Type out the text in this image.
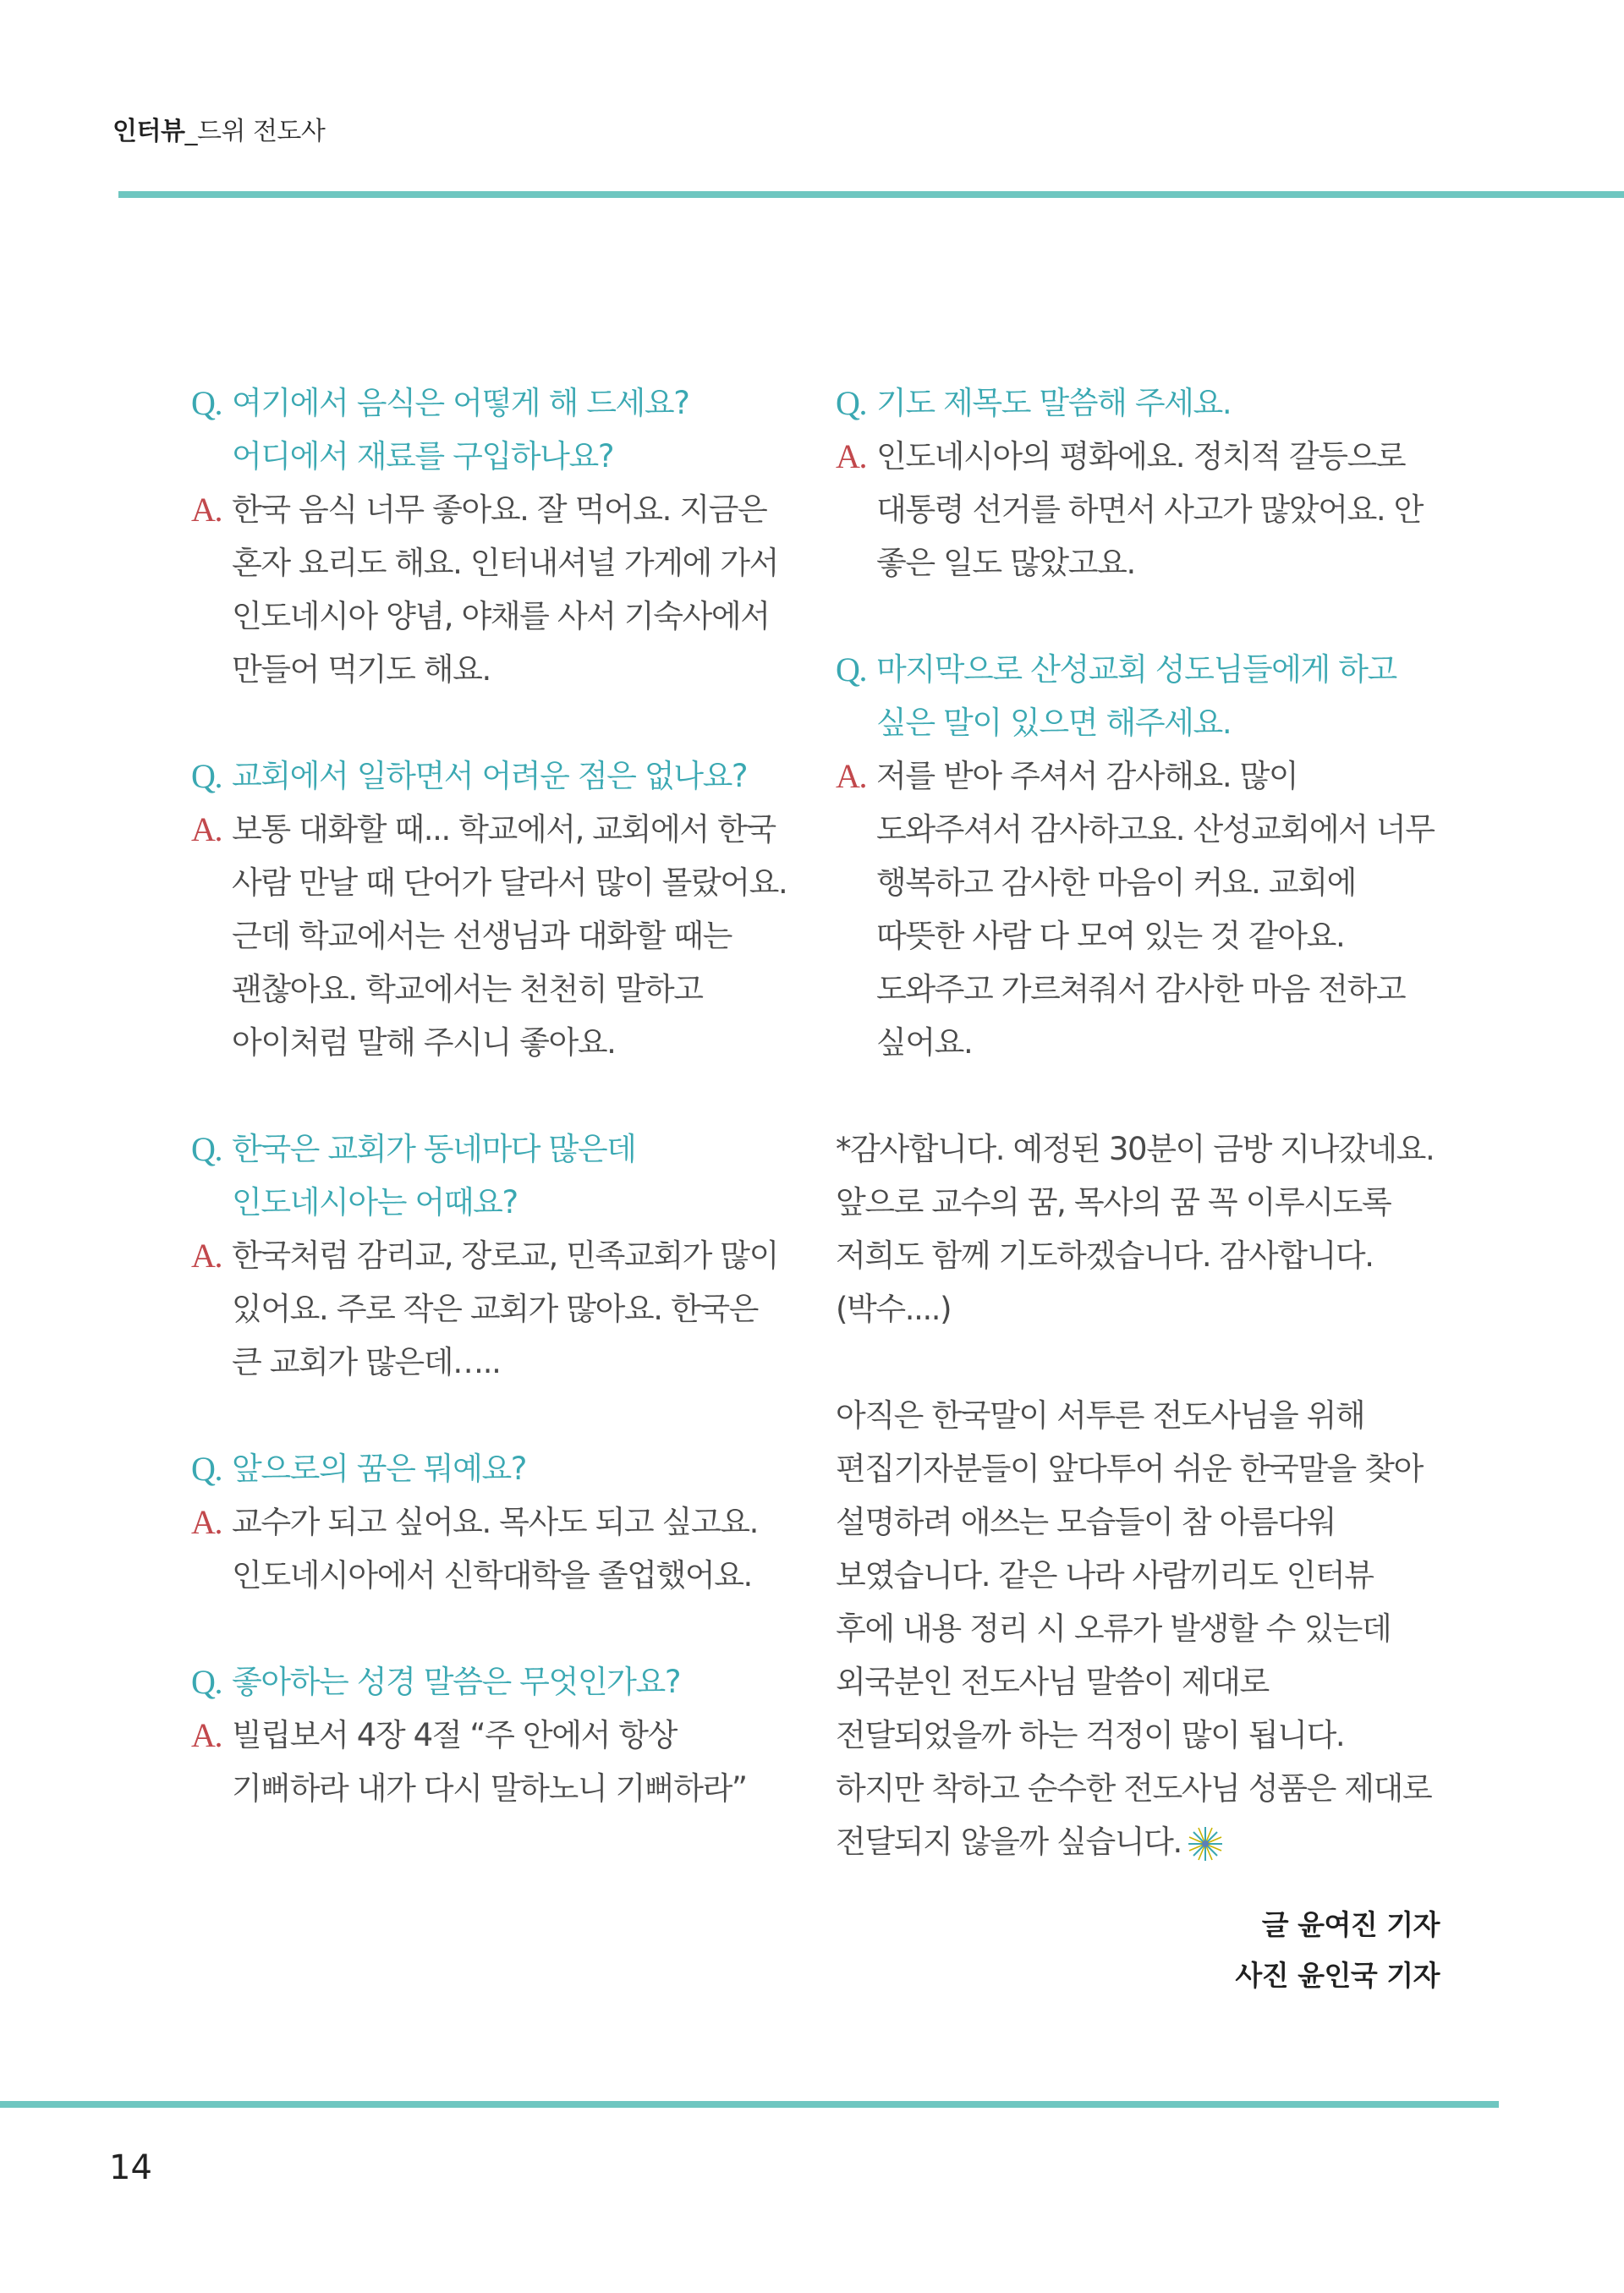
인터뷰_드위 전도사

Q. 여기에서 음식은 어떻게 해 드세요? 어디에서 재료를 구입하나요?

A. 한국 음식 너무 좋아요. 잘 먹어요. 지금은 혼자 요리도 해요. 인터내셔널 가게에 가서 인도네시아 양념, 야채를 사서 기숙사에서 만들어 먹기도 해요.

Q. 교회에서 일하면서 어려운 점은 없나요?

A. 보통 대화할 때... 학교에서, 교회에서 한국 사람 만날 때 단어가 달라서 많이 몰랐어요. 근데 학교에서는 선생님과 대화할 때는 괜찮아요. 학교에서는 천천히 말하고 아이처럼 말해 주시니 좋아요.

Q. 한국은 교회가 동네마다 많은데 인도네시아는 어때요?

A. 한국처럼 감리교, 장로교, 민족교회가 많이 있어요. 주로 작은 교회가 많아요. 한국은 큰 교회가 많은데…..

Q. 앞으로의 꿈은 뭐예요?

A. 교수가 되고 싶어요. 목사도 되고 싶고요. 인도네시아에서 신학대학을 졸업했어요.

Q. 좋아하는 성경 말씀은 무엇인가요?

A. 빌립보서 4장 4절 “주 안에서 항상 기뻐하라 내가 다시 말하노니 기뻐하라”

Q. 기도 제목도 말씀해 주세요.

A. 인도네시아의 평화에요. 정치적 갈등으로 대통령 선거를 하면서 사고가 많았어요. 안 좋은 일도 많았고요.

Q. 마지막으로 산성교회 성도님들에게 하고 싶은 말이 있으면 해주세요.

A. 저를 받아 주셔서 감사해요. 많이 도와주셔서 감사하고요. 산성교회에서 너무 행복하고 감사한 마음이 커요. 교회에 따뜻한 사람 다 모여 있는 것 같아요. 도와주고 가르쳐줘서 감사한 마음 전하고 싶어요.

*감사합니다. 예정된 30분이 금방 지나갔네요. 앞으로 교수의 꿈, 목사의 꿈 꼭 이루시도록 저희도 함께 기도하겠습니다. 감사합니다. (박수....)

아직은 한국말이 서투른 전도사님을 위해 편집기자분들이 앞다투어 쉬운 한국말을 찾아 설명하려 애쓰는 모습들이 참 아름다워 보였습니다. 같은 나라 사람끼리도 인터뷰 후에 내용 정리 시 오류가 발생할 수 있는데 외국분인 전도사님 말씀이 제대로 전달되었을까 하는 걱정이 많이 됩니다. 하지만 착하고 순수한 전도사님 성품은 제대로 전달되지 않을까 싶습니다.

글 윤여진 기자
사진 윤인국 기자
14
